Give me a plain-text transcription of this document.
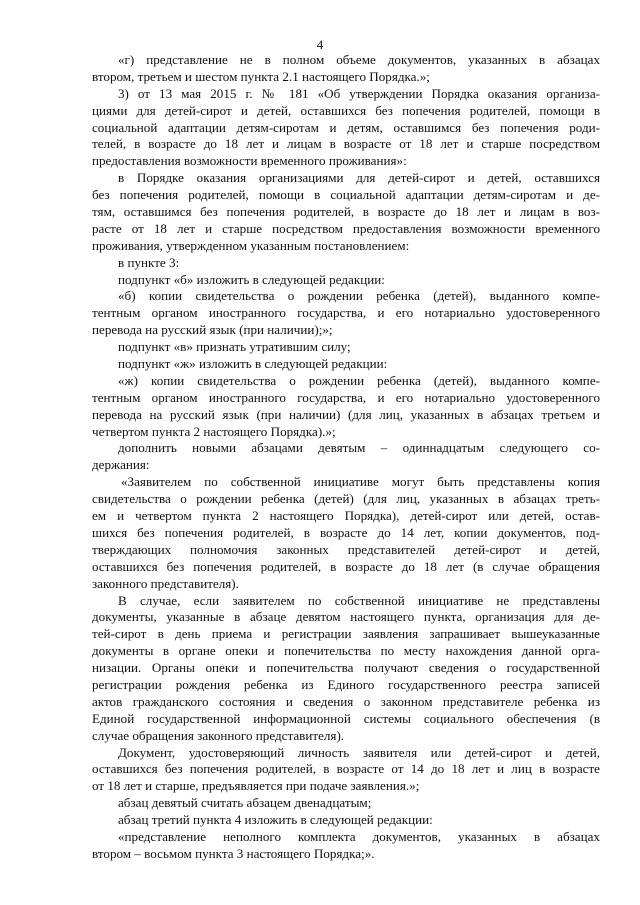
4
«г) представление не в полном объеме документов, указанных в абзацах
втором, третьем и шестом пункта 2.1 настоящего Порядка.»;
3) от 13 мая 2015 г. № 181 «Об утверждении Порядка оказания организа-
циями для детей-сирот и детей, оставшихся без попечения родителей, помощи в
социальной адаптации детям-сиротам и детям, оставшимся без попечения роди-
телей, в возрасте до 18 лет и лицам в возрасте от 18 лет и старше посредством
предоставления возможности временного проживания»:
в Порядке оказания организациями для детей-сирот и детей, оставшихся
без попечения родителей, помощи в социальной адаптации детям-сиротам и де-
тям, оставшимся без попечения родителей, в возрасте до 18 лет и лицам в воз-
расте от 18 лет и старше посредством предоставления возможности временного
проживания, утвержденном указанным постановлением:
в пункте 3:
подпункт «б» изложить в следующей редакции:
«б) копии свидетельства о рождении ребенка (детей), выданного компе-
тентным органом иностранного государства, и его нотариально удостоверенного
перевода на русский язык (при наличии);»;
подпункт «в» признать утратившим силу;
подпункт «ж» изложить в следующей редакции:
«ж) копии свидетельства о рождении ребенка (детей), выданного компе-
тентным органом иностранного государства, и его нотариально удостоверенного
перевода на русский язык (при наличии) (для лиц, указанных в абзацах третьем и
четвертом пункта 2 настоящего Порядка).»;
дополнить новыми абзацами девятым – одиннадцатым следующего со-
держания:
«Заявителем по собственной инициативе могут быть представлены копия
свидетельства о рождении ребенка (детей) (для лиц, указанных в абзацах треть-
ем и четвертом пункта 2 настоящего Порядка), детей-сирот или детей, остав-
шихся без попечения родителей, в возрасте до 14 лет, копии документов, под-
тверждающих полномочия законных представителей детей-сирот и детей,
оставшихся без попечения родителей, в возрасте до 18 лет (в случае обращения
законного представителя).
В случае, если заявителем по собственной инициативе не представлены
документы, указанные в абзаце девятом настоящего пункта, организация для де-
тей-сирот в день приема и регистрации заявления запрашивает вышеуказанные
документы в органе опеки и попечительства по месту нахождения данной орга-
низации. Органы опеки и попечительства получают сведения о государственной
регистрации рождения ребенка из Единого государственного реестра записей
актов гражданского состояния и сведения о законном представителе ребенка из
Единой государственной информационной системы социального обеспечения (в
случае обращения законного представителя).
Документ, удостоверяющий личность заявителя или детей-сирот и детей,
оставшихся без попечения родителей, в возрасте от 14 до 18 лет и лиц в возрасте
от 18 лет и старше, предъявляется при подаче заявления.»;
абзац девятый считать абзацем двенадцатым;
абзац третий пункта 4 изложить в следующей редакции:
«представление неполного комплекта документов, указанных в абзацах
втором – восьмом пункта 3 настоящего Порядка;».
